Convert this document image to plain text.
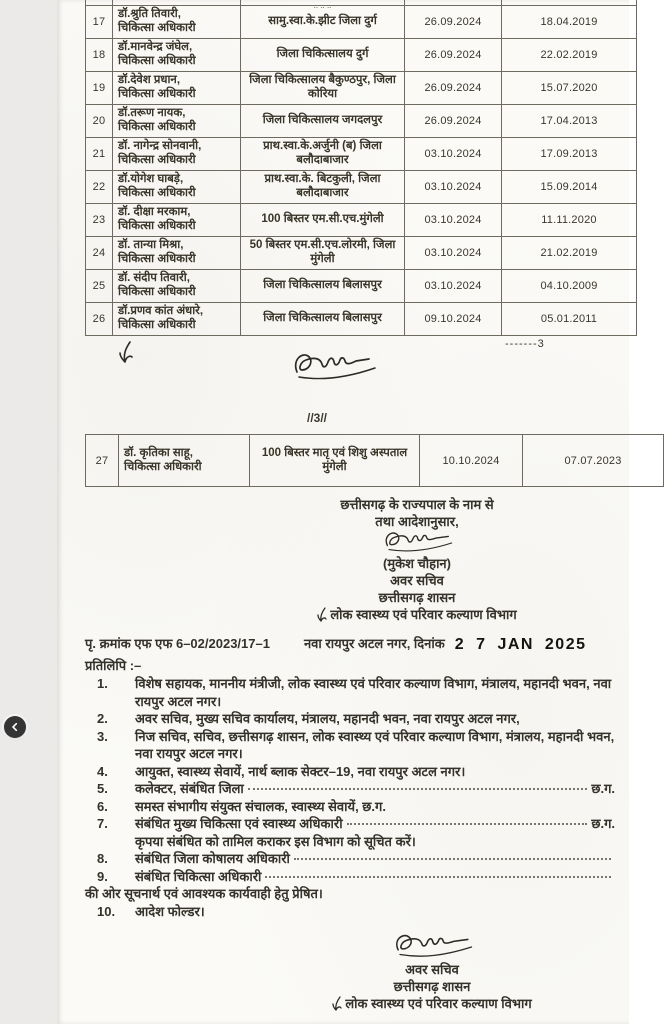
		.. .. ..		

17	डॉ.श्रुति तिवारी,
चिकित्सा अधिकारी	सामु.स्वा.के.झीट जिला दुर्ग	26.09.2024	18.04.2019
18	डॉ.मानवेन्द्र जंघेल,
चिकित्सा अधिकारी	जिला चिकित्सालय दुर्ग	26.09.2024	22.02.2019
19	डॉ.देवेश प्रधान,
चिकित्सा अधिकारी	जिला चिकित्सालय बैकुण्ठपुर, जिला कोरिया	26.09.2024	15.07.2020
20	डॉ.तरूण नायक,
चिकित्सा अधिकारी	जिला चिकित्सालय जगदलपुर	26.09.2024	17.04.2013
21	डॉ. नागेन्द्र सोनवानी,
चिकित्सा अधिकारी	प्राथ.स्वा.के.अर्जुनी (ब) जिला बलौदाबाजार	03.10.2024	17.09.2013
22	डॉ.योगेश घाबड़े,
चिकित्सा अधिकारी	प्राथ.स्वा.के. बिटकुली, जिला बलौदाबाजार	03.10.2024	15.09.2014
23	डॉ. दीक्षा मरकाम,
चिकित्सा अधिकारी	100 बिस्तर एम.सी.एच.मुंगेली	03.10.2024	11.11.2020
24	डॉ. तान्या मिश्रा,
चिकित्सा अधिकारी	50 बिस्तर एम.सी.एच.लोरमी, जिला मुंगेली	03.10.2024	21.02.2019
25	डॉ. संदीप तिवारी,
चिकित्सा अधिकारी	जिला चिकित्सालय बिलासपुर	03.10.2024	04.10.2009
26	डॉ.प्रणव कांत अंधारे,
चिकित्सा अधिकारी	जिला चिकित्सालय बिलासपुर	09.10.2024	05.01.2011
-------3
//3//
27	
डॉ. कृतिका साहू,
चिकित्सा अधिकारी
	100 बिस्तर मातृ एवं शिशु अस्पताल मुंगेली	10.10.2024	07.07.2023
छत्तीसगढ़ के राज्यपाल के नाम से
तथा आदेशानुसार,
(मुकेश चौहान)
अवर सचिव
छत्तीसगढ़ शासन
लोक स्वास्थ्य एवं परिवार कल्याण विभाग
पृ. क्रमांक एफ एफ 6–02/2023/17–1	नवा रायपुर अटल नगर, दिनांक 2 7 JAN 2025
प्रतिलिपि :–
1.	विशेष सहायक, माननीय मंत्रीजी, लोक स्वास्थ्य एवं परिवार कल्याण विभाग, मंत्रालय, महानदी भवन, नवा रायपुर अटल नगर।
2.	अवर सचिव, मुख्य सचिव कार्यालय, मंत्रालय, महानदी भवन, नवा रायपुर अटल नगर,
3.	निज सचिव, सचिव, छत्तीसगढ़ शासन, लोक स्वास्थ्य एवं परिवार कल्याण विभाग, मंत्रालय, महानदी भवन, नवा रायपुर अटल नगर।
4.	आयुक्त, स्वास्थ्य सेवायें, नार्थ ब्लाक सेक्टर–19, नवा रायपुर अटल नगर।
5.	कलेक्टर, संबंधित जिला	छ.ग.
6.	समस्त संभागीय संयुक्त संचालक, स्वास्थ्य सेवायें, छ.ग.
7.	संबंधित मुख्य चिकित्सा एवं स्वास्थ्य अधिकारी	छ.ग.
कृपया संबंधित को तामिल कराकर इस विभाग को सूचित करें।
8.	संबंधित जिला कोषालय अधिकारी
9.	संबंधित चिकित्सा अधिकारी
की ओर सूचनार्थ एवं आवश्यक कार्यवाही हेतु प्रेषित।
10.	आदेश फोल्डर।
अवर सचिव
छत्तीसगढ़ शासन
लोक स्वास्थ्य एवं परिवार कल्याण विभाग
